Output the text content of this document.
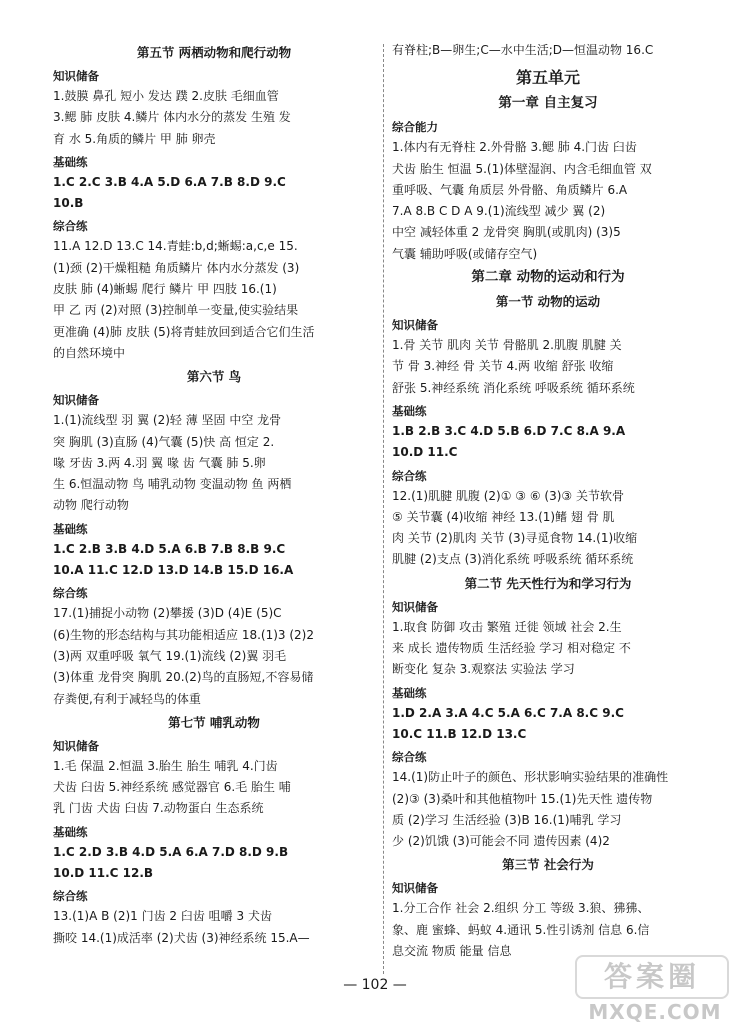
第五节 两栖动物和爬行动物
知识储备
1.鼓膜 鼻孔 短小 发达 蹼 2.皮肤 毛细血管
3.鳃 肺 皮肤 4.鳞片 体内水分的蒸发 生殖 发
育 水 5.角质的鳞片 甲 肺 卵壳
基础练
1.C 2.C 3.B 4.A 5.D 6.A 7.B 8.D 9.C
10.B
综合练
11.A 12.D 13.C 14.青蛙:b,d;蜥蜴:a,c,e 15.
(1)颈 (2)干燥粗糙 角质鳞片 体内水分蒸发 (3)
皮肤 肺 (4)蜥蜴 爬行 鳞片 甲 四肢 16.(1)
甲 乙 丙 (2)对照 (3)控制单一变量,使实验结果
更准确 (4)肺 皮肤 (5)将青蛙放回到适合它们生活
的自然环境中
第六节 鸟
知识储备
1.(1)流线型 羽 翼 (2)轻 薄 坚固 中空 龙骨
突 胸肌 (3)直肠 (4)气囊 (5)快 高 恒定 2.
喙 牙齿 3.两 4.羽 翼 喙 齿 气囊 肺 5.卵
生 6.恒温动物 鸟 哺乳动物 变温动物 鱼 两栖
动物 爬行动物
基础练
1.C 2.B 3.B 4.D 5.A 6.B 7.B 8.B 9.C
10.A 11.C 12.D 13.D 14.B 15.D 16.A
综合练
17.(1)捕捉小动物 (2)攀援 (3)D (4)E (5)C
(6)生物的形态结构与其功能相适应 18.(1)3 (2)2
(3)两 双重呼吸 氧气 19.(1)流线 (2)翼 羽毛
(3)体重 龙骨突 胸肌 20.(2)鸟的直肠短,不容易储
存粪便,有利于减轻鸟的体重
第七节 哺乳动物
知识储备
1.毛 保温 2.恒温 3.胎生 胎生 哺乳 4.门齿
犬齿 臼齿 5.神经系统 感觉器官 6.毛 胎生 哺
乳 门齿 犬齿 臼齿 7.动物蛋白 生态系统
基础练
1.C 2.D 3.B 4.D 5.A 6.A 7.D 8.D 9.B
10.D 11.C 12.B
综合练
13.(1)A B (2)1 门齿 2 臼齿 咀嚼 3 犬齿
撕咬 14.(1)成活率 (2)犬齿 (3)神经系统 15.A—
有脊柱;B—卵生;C—水中生活;D—恒温动物 16.C
第五单元
第一章 自主复习
综合能力
1.体内有无脊柱 2.外骨骼 3.鳃 肺 4.门齿 臼齿
犬齿 胎生 恒温 5.(1)体壁湿润、内含毛细血管 双
重呼吸、气囊 角质层 外骨骼、角质鳞片 6.A
7.A 8.B C D A 9.(1)流线型 减少 翼 (2)
中空 减轻体重 2 龙骨突 胸肌(或肌肉) (3)5
气囊 辅助呼吸(或储存空气)
第二章 动物的运动和行为
第一节 动物的运动
知识储备
1.骨 关节 肌肉 关节 骨骼肌 2.肌腹 肌腱 关
节 骨 3.神经 骨 关节 4.两 收缩 舒张 收缩
舒张 5.神经系统 消化系统 呼吸系统 循环系统
基础练
1.B 2.B 3.C 4.D 5.B 6.D 7.C 8.A 9.A
10.D 11.C
综合练
12.(1)肌腱 肌腹 (2)① ③ ⑥ (3)③ 关节软骨
⑤ 关节囊 (4)收缩 神经 13.(1)鳍 翅 骨 肌
肉 关节 (2)肌肉 关节 (3)寻觅食物 14.(1)收缩
肌腱 (2)支点 (3)消化系统 呼吸系统 循环系统
第二节 先天性行为和学习行为
知识储备
1.取食 防御 攻击 繁殖 迁徙 领域 社会 2.生
来 成长 遗传物质 生活经验 学习 相对稳定 不
断变化 复杂 3.观察法 实验法 学习
基础练
1.D 2.A 3.A 4.C 5.A 6.C 7.A 8.C 9.C
10.C 11.B 12.D 13.C
综合练
14.(1)防止叶子的颜色、形状影响实验结果的准确性
(2)③ (3)桑叶和其他植物叶 15.(1)先天性 遗传物
质 (2)学习 生活经验 (3)B 16.(1)哺乳 学习
少 (2)饥饿 (3)可能会不同 遗传因素 (4)2
第三节 社会行为
知识储备
1.分工合作 社会 2.组织 分工 等级 3.狼、狒狒、
象、鹿 蜜蜂、蚂蚁 4.通讯 5.性引诱剂 信息 6.信
息交流 物质 能量 信息
— 102 —	答案圈
MXQE.COM
